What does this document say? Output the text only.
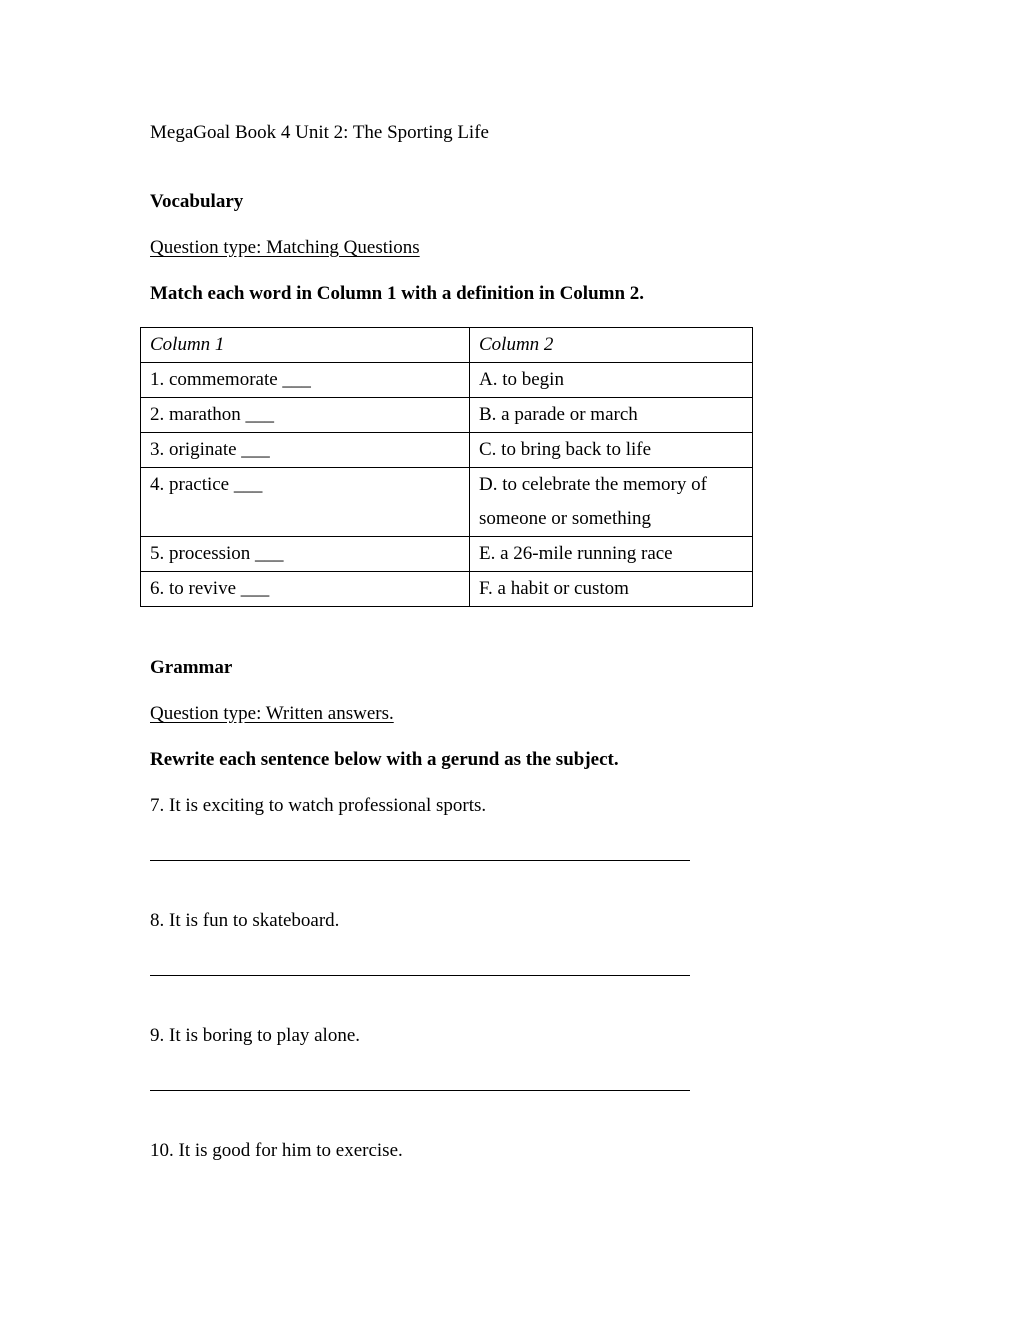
MegaGoal Book 4 Unit 2: The Sporting Life
Vocabulary
Question type: Matching Questions
Match each word in Column 1 with a definition in Column 2.
Column 1	Column 2
1. commemorate ___	A. to begin
2. marathon ___	B. a parade or march
3. originate ___	C. to bring back to life
4. practice ___	D. to celebrate the memory of someone or something
5. procession ___	E. a 26-mile running race
6. to revive ___	F. a habit or custom
Grammar
Question type: Written answers.
Rewrite each sentence below with a gerund as the subject.
7. It is exciting to watch professional sports.
8. It is fun to skateboard.
9. It is boring to play alone.
10. It is good for him to exercise.
